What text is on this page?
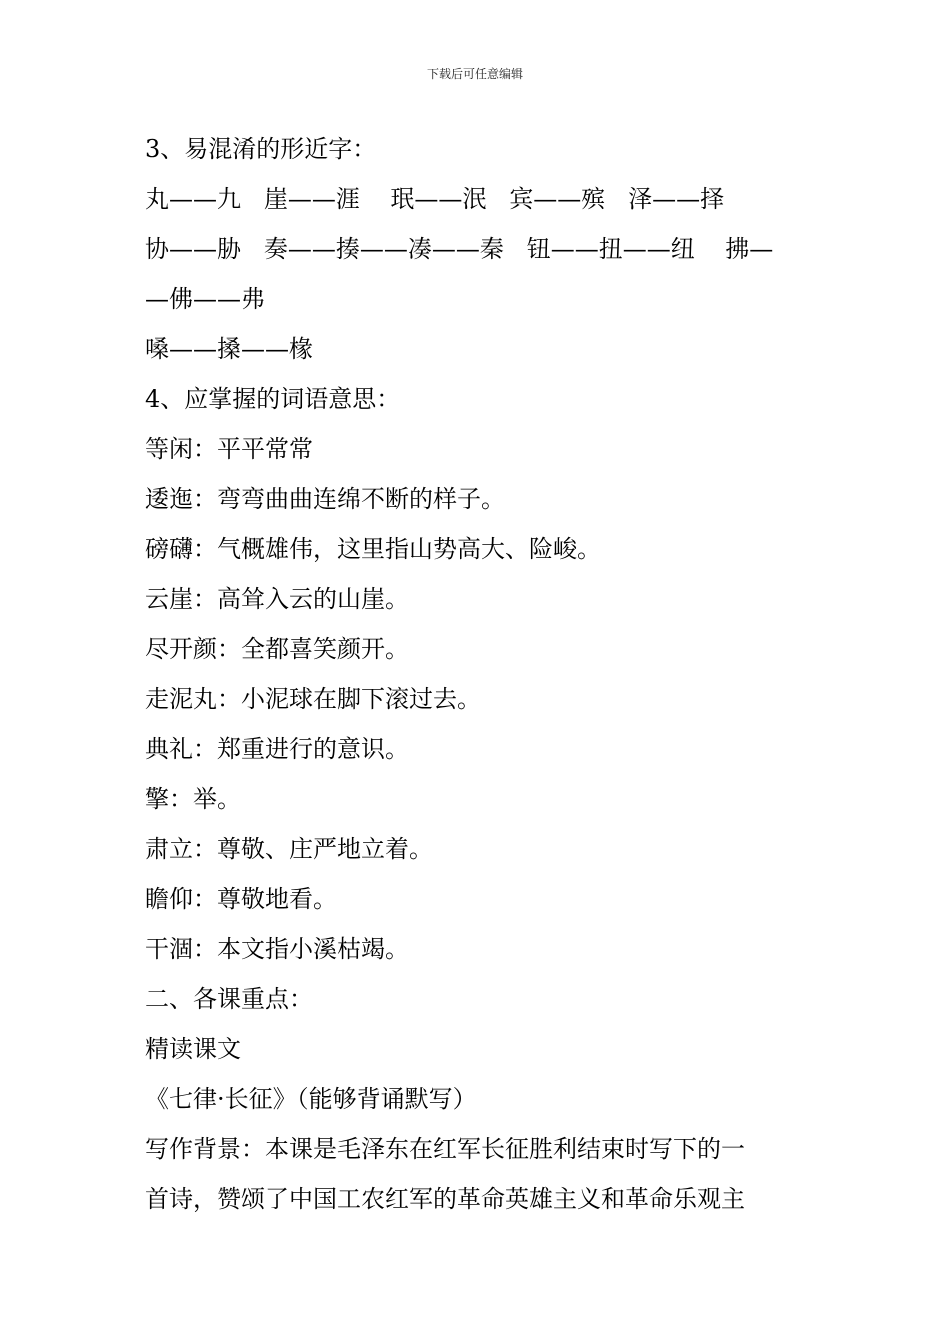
下载后可任意编辑
3、易混淆的形近字：
丸——九   崖——涯    珉——泯   宾——殡   泽——择
协——胁   奏——揍——凑——秦   钮——扭——纽    拂—
—佛——弗
嗓——搡——椽
4、应掌握的词语意思：
等闲：平平常常
逶迤：弯弯曲曲连绵不断的样子。
磅礴：气概雄伟，这里指山势高大、险峻。
云崖：高耸入云的山崖。
尽开颜：全都喜笑颜开。
走泥丸：小泥球在脚下滚过去。
典礼：郑重进行的意识。
擎：举。
肃立：尊敬、庄严地立着。
瞻仰：尊敬地看。
干涸：本文指小溪枯竭。
二、各课重点：
精读课文
《七律·长征》（能够背诵默写）
写作背景：本课是毛泽东在红军长征胜利结束时写下的一
首诗，赞颂了中国工农红军的革命英雄主义和革命乐观主
